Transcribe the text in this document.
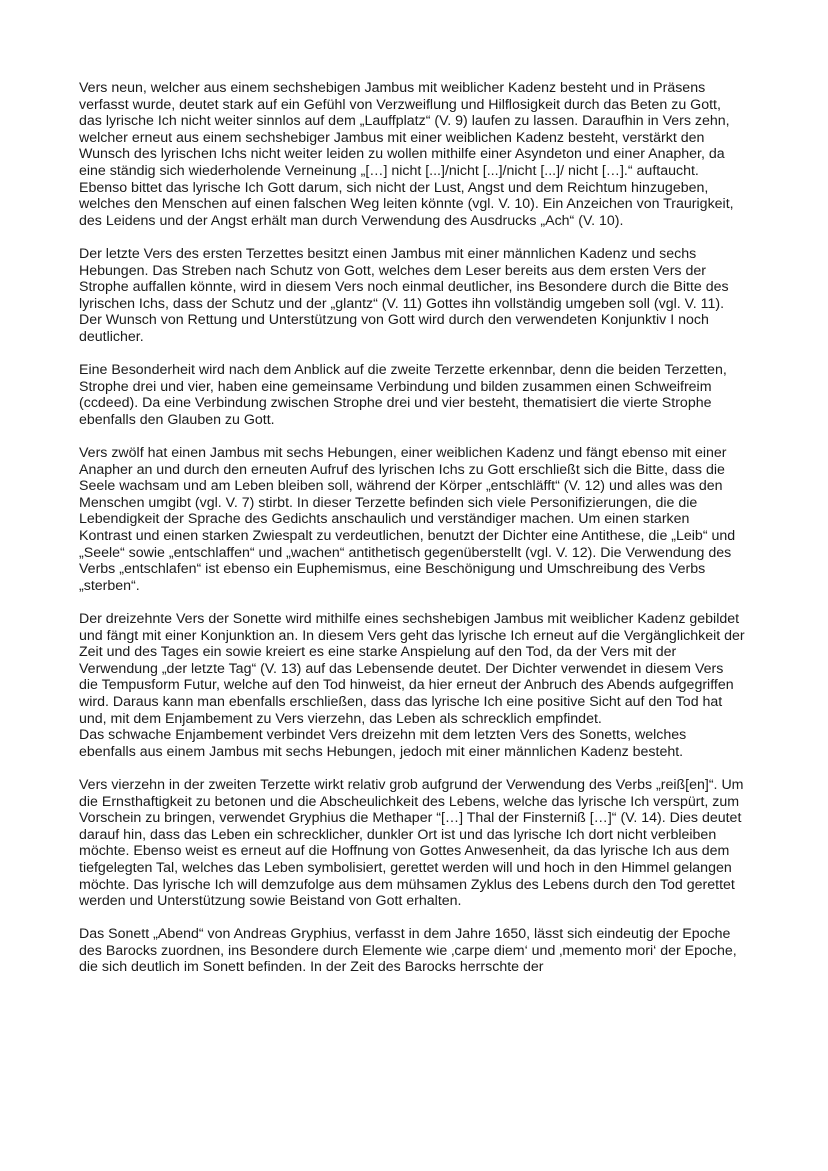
Vers neun, welcher aus einem sechshebigen Jambus mit weiblicher Kadenz besteht und in Präsens verfasst wurde, deutet stark auf ein Gefühl von Verzweiflung und Hilflosigkeit durch das Beten zu Gott, das lyrische Ich nicht weiter sinnlos auf dem „Lauffplatz“ (V. 9) laufen zu lassen. Daraufhin in Vers zehn, welcher erneut aus einem sechshebiger Jambus mit einer weiblichen Kadenz besteht, verstärkt den Wunsch des lyrischen Ichs nicht weiter leiden zu wollen mithilfe einer Asyndeton und einer Anapher, da eine ständig sich wiederholende Verneinung „[…] nicht [...]/nicht [...]/nicht [...]/ nicht […].“ auftaucht. Ebenso bittet das lyrische Ich Gott darum, sich nicht der Lust, Angst und dem Reichtum hinzugeben, welches den Menschen auf einen falschen Weg leiten könnte (vgl. V. 10). Ein Anzeichen von Traurigkeit, des Leidens und der Angst erhält man durch Verwendung des Ausdrucks „Ach“ (V. 10).

Der letzte Vers des ersten Terzettes besitzt einen Jambus mit einer männlichen Kadenz und sechs Hebungen. Das Streben nach Schutz von Gott, welches dem Leser bereits aus dem ersten Vers der Strophe auffallen könnte, wird in diesem Vers noch einmal deutlicher, ins Besondere durch die Bitte des lyrischen Ichs, dass der Schutz und der „glantz“ (V. 11) Gottes ihn vollständig umgeben soll (vgl. V. 11). Der Wunsch von Rettung und Unterstützung von Gott wird durch den verwendeten Konjunktiv I noch deutlicher.

Eine Besonderheit wird nach dem Anblick auf die zweite Terzette erkennbar, denn die beiden Terzetten, Strophe drei und vier, haben eine gemeinsame Verbindung und bilden zusammen einen Schweifreim (ccdeed). Da eine Verbindung zwischen Strophe drei und vier besteht, thematisiert die vierte Strophe ebenfalls den Glauben zu Gott.

Vers zwölf hat einen Jambus mit sechs Hebungen, einer weiblichen Kadenz und fängt ebenso mit einer Anapher an und durch den erneuten Aufruf des lyrischen Ichs zu Gott erschließt sich die Bitte, dass die Seele wachsam und am Leben bleiben soll, während der Körper „entschläfft“ (V. 12) und alles was den Menschen umgibt (vgl. V. 7) stirbt. In dieser Terzette befinden sich viele Personifizierungen, die die Lebendigkeit der Sprache des Gedichts anschaulich und verständiger machen. Um einen starken Kontrast und einen starken Zwiespalt zu verdeutlichen, benutzt der Dichter eine Antithese, die „Leib“ und „Seele“ sowie „entschlaffen“ und „wachen“ antithetisch gegenüberstellt (vgl. V. 12). Die Verwendung des Verbs „entschlafen“ ist ebenso ein Euphemismus, eine Beschönigung und Umschreibung des Verbs „sterben“.

Der dreizehnte Vers der Sonette wird mithilfe eines sechshebigen Jambus mit weiblicher Kadenz gebildet und fängt mit einer Konjunktion an. In diesem Vers geht das lyrische Ich erneut auf die Vergänglichkeit der Zeit und des Tages ein sowie kreiert es eine starke Anspielung auf den Tod, da der Vers mit der Verwendung „der letzte Tag“ (V. 13) auf das Lebensende deutet. Der Dichter verwendet in diesem Vers die Tempusform Futur, welche auf den Tod hinweist, da hier erneut der Anbruch des Abends aufgegriffen wird. Daraus kann man ebenfalls erschließen, dass das lyrische Ich eine positive Sicht auf den Tod hat und, mit dem Enjambement zu Vers vierzehn, das Leben als schrecklich empfindet.

Das schwache Enjambement verbindet Vers dreizehn mit dem letzten Vers des Sonetts, welches ebenfalls aus einem Jambus mit sechs Hebungen, jedoch mit einer männlichen Kadenz besteht.

Vers vierzehn in der zweiten Terzette wirkt relativ grob aufgrund der Verwendung des Verbs „reiß[en]“. Um die Ernsthaftigkeit zu betonen und die Abscheulichkeit des Lebens, welche das lyrische Ich verspürt, zum Vorschein zu bringen, verwendet Gryphius die Methaper “[…] Thal der Finsterniß […]“ (V. 14). Dies deutet darauf hin, dass das Leben ein schrecklicher, dunkler Ort ist und das lyrische Ich dort nicht verbleiben möchte. Ebenso weist es erneut auf die Hoffnung von Gottes Anwesenheit, da das lyrische Ich aus dem tiefgelegten Tal, welches das Leben symbolisiert, gerettet werden will und hoch in den Himmel gelangen möchte. Das lyrische Ich will demzufolge aus dem mühsamen Zyklus des Lebens durch den Tod gerettet werden und Unterstützung sowie Beistand von Gott erhalten.

Das Sonett „Abend“ von Andreas Gryphius, verfasst in dem Jahre 1650, lässt sich eindeutig der Epoche des Barocks zuordnen, ins Besondere durch Elemente wie ‚carpe diem‘ und ‚memento mori‘ der Epoche, die sich deutlich im Sonett befinden. In der Zeit des Barocks herrschte der
